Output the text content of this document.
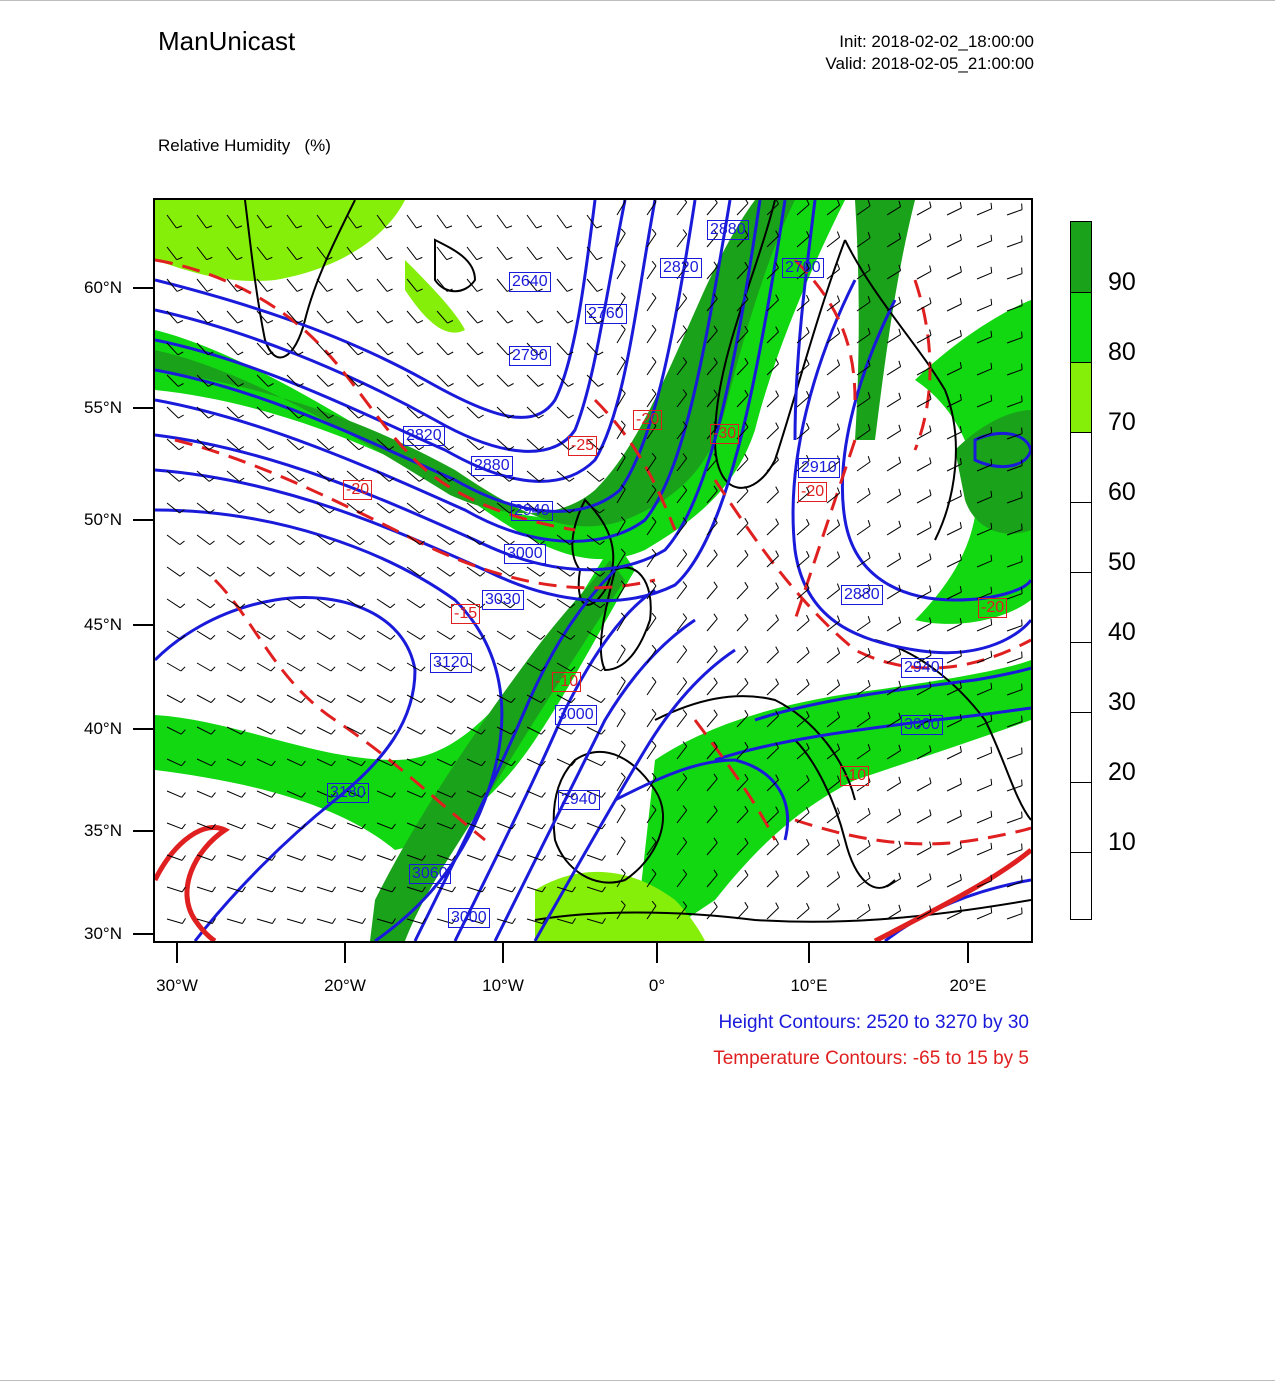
ManUnicast	Init: 2018-02-02_18:00:00
Valid: 2018-02-05_21:00:00

Relative Humidity   (%)

2880
2820	2700
2640
2760
2790
2820
2880
2940
2910
3000
3030
3120
3180
3060
3000
2940
2880
2940
3000
3000
-25
-20
-30
-20	-20
-15
-10
-20
-10
60°N
55°N
50°N
45°N
40°N
35°N
30°N
30°W	20°W	10°W	0°	10°E	20°E
Height Contours: 2520 to 3270 by 30
Temperature Contours: -65 to 15 by 5
90
80
70
60
50
40
30
20
10
